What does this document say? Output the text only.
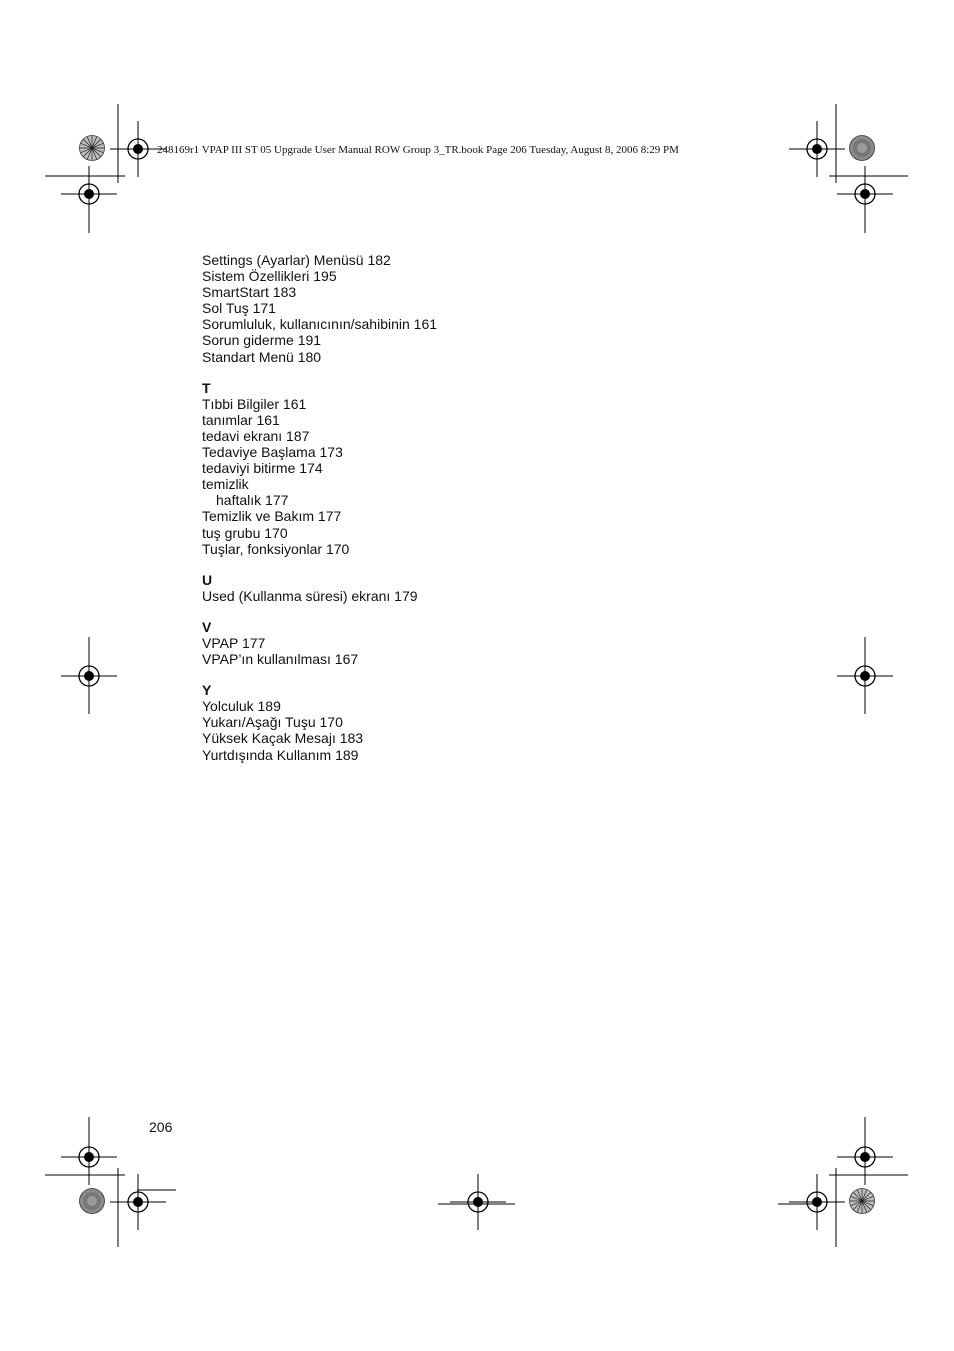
248169r1 VPAP III ST 05 Upgrade User Manual ROW Group 3_TR.book Page 206 Tuesday, August 8, 2006 8:29 PM
Settings (Ayarlar) Menüsü 182
Sistem Özellikleri 195
SmartStart 183
Sol Tuş 171
Sorumluluk, kullanıcının/sahibinin 161
Sorun giderme 191
Standart Menü 180
T
Tıbbi Bilgiler 161
tanımlar 161
tedavi ekranı 187
Tedaviye Başlama 173
tedaviyi bitirme 174
temizlik
haftalık 177
Temizlik ve Bakım 177
tuş grubu 170
Tuşlar, fonksiyonlar 170
U
Used (Kullanma süresi) ekranı 179
V
VPAP 177
VPAP’ın kullanılması 167
Y
Yolculuk 189
Yukarı/Aşağı Tuşu 170
Yüksek Kaçak Mesajı 183
Yurtdışında Kullanım 189
206
